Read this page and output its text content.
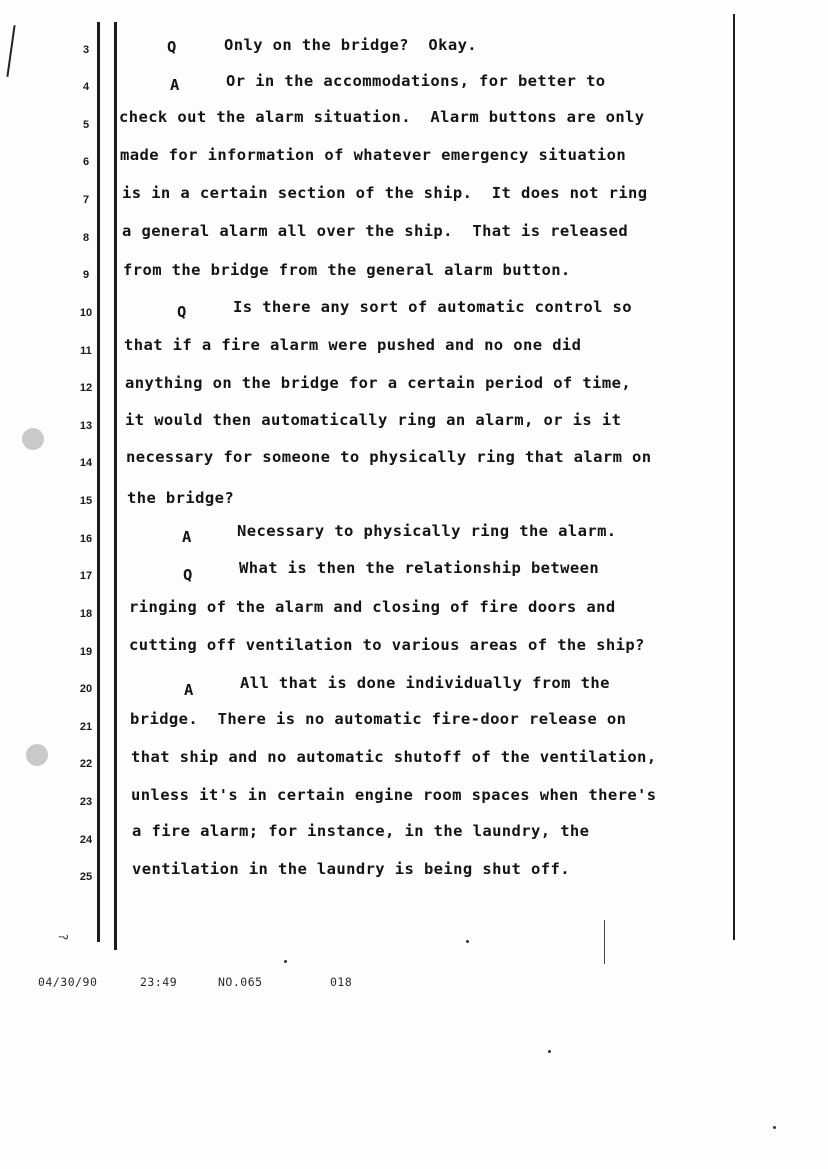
3
4
5
6
7
8
9
10
11
12
13
14
15
16
17
18
19
20
21
22
23
24
25
Q	Only on the bridge?  Okay.
A	Or in the accommodations, for better to
check out the alarm situation.  Alarm buttons are only
made for information of whatever emergency situation
is in a certain section of the ship.  It does not ring
a general alarm all over the ship.  That is released
from the bridge from the general alarm button.
Q	Is there any sort of automatic control so
that if a fire alarm were pushed and no one did
anything on the bridge for a certain period of time,
it would then automatically ring an alarm, or is it
necessary for someone to physically ring that alarm on
the bridge?
A	Necessary to physically ring the alarm.
Q	What is then the relationship between
ringing of the alarm and closing of fire doors and
cutting off ventilation to various areas of the ship?
A	All that is done individually from the
bridge.  There is no automatic fire-door release on
that ship and no automatic shutoff of the ventilation,
unless it's in certain engine room spaces when there's
a fire alarm; for instance, in the laundry, the
ventilation in the laundry is being shut off.
?
04/30/90	23:49	NO.065	018
